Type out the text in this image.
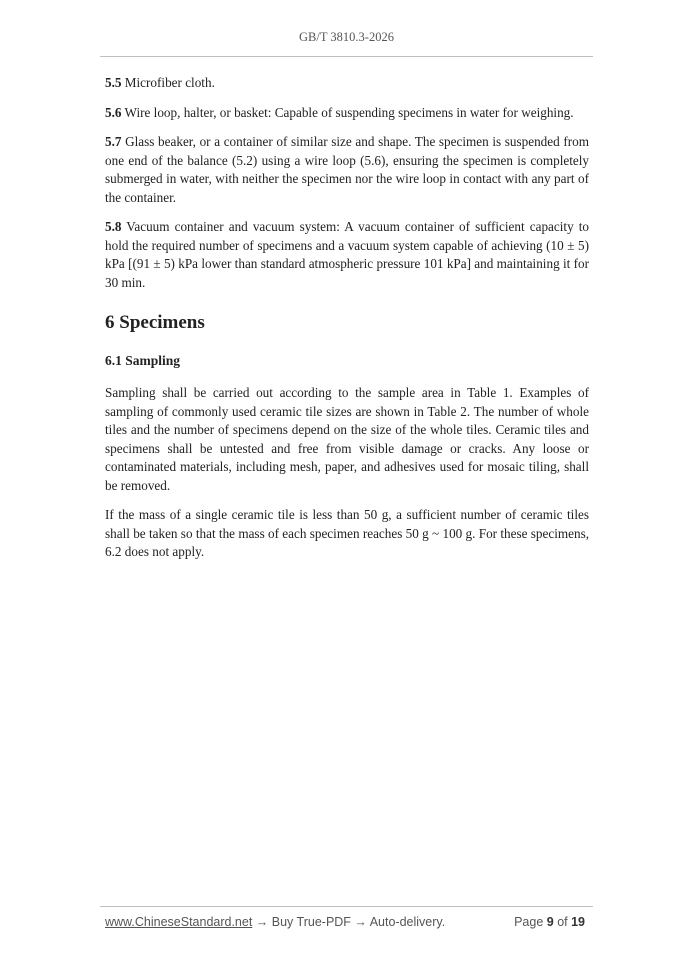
GB/T 3810.3-2026

5.5 Microfiber cloth.

5.6 Wire loop, halter, or basket: Capable of suspending specimens in water for weighing.

5.7 Glass beaker, or a container of similar size and shape. The specimen is suspended from one end of the balance (5.2) using a wire loop (5.6), ensuring the specimen is completely submerged in water, with neither the specimen nor the wire loop in contact with any part of the container.

5.8 Vacuum container and vacuum system: A vacuum container of sufficient capacity to hold the required number of specimens and a vacuum system capable of achieving (10 ± 5) kPa [(91 ± 5) kPa lower than standard atmospheric pressure 101 kPa] and maintaining it for 30 min.

6 Specimens
6.1 Sampling

Sampling shall be carried out according to the sample area in Table 1. Examples of sampling of commonly used ceramic tile sizes are shown in Table 2. The number of whole tiles and the number of specimens depend on the size of the whole tiles. Ceramic tiles and specimens shall be untested and free from visible damage or cracks. Any loose or contaminated materials, including mesh, paper, and adhesives used for mosaic tiling, shall be removed.

If the mass of a single ceramic tile is less than 50 g, a sufficient number of ceramic tiles shall be taken so that the mass of each specimen reaches 50 g ~ 100 g. For these specimens, 6.2 does not apply.

www.ChineseStandard.net → Buy True-PDF → Auto-delivery.	Page 9 of 19
